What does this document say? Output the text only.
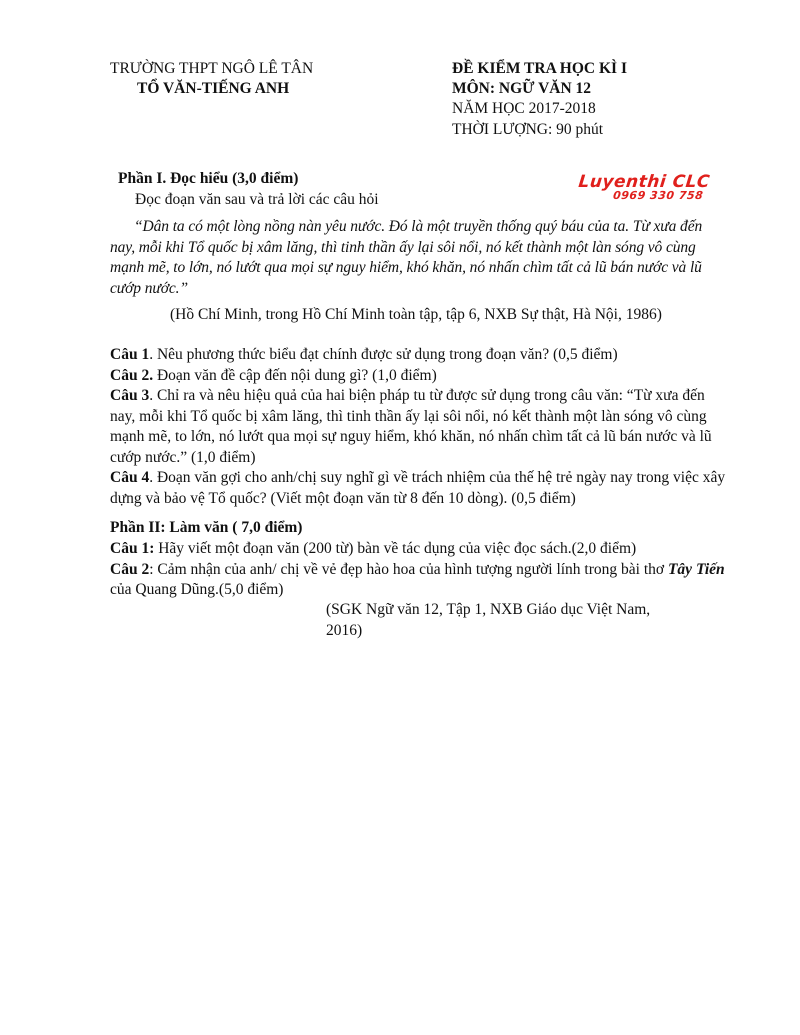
TRƯỜNG THPT NGÔ LÊ TÂN
TỔ VĂN-TIẾNG ANH
ĐỀ KIỂM TRA HỌC KÌ I
MÔN: NGỮ VĂN 12
NĂM HỌC 2017-2018
THỜI LƯỢNG: 90 phút
Luyenthi CLC
0969 330 758
Phần I. Đọc hiểu (3,0 điểm)
Đọc đoạn văn sau và trả lời các câu hỏi
“Dân ta có một lòng nồng nàn yêu nước. Đó là một truyền thống quý báu của ta. Từ xưa đến nay, mỗi khi Tổ quốc bị xâm lăng, thì tinh thần ấy lại sôi nổi, nó kết thành một làn sóng vô cùng mạnh mẽ, to lớn, nó lướt qua mọi sự nguy hiểm, khó khăn, nó nhấn chìm tất cả lũ bán nước và lũ cướp nước.”
(Hồ Chí Minh, trong Hồ Chí Minh toàn tập, tập 6, NXB Sự thật, Hà Nội, 1986)
Câu 1. Nêu phương thức biểu đạt chính được sử dụng trong đoạn văn? (0,5 điểm)
Câu 2. Đoạn văn đề cập đến nội dung gì? (1,0 điểm)
Câu 3. Chỉ ra và nêu hiệu quả của hai biện pháp tu từ được sử dụng trong câu văn: “Từ xưa đến nay, mỗi khi Tổ quốc bị xâm lăng, thì tinh thần ấy lại sôi nổi, nó kết thành một làn sóng vô cùng mạnh mẽ, to lớn, nó lướt qua mọi sự nguy hiểm, khó khăn, nó nhấn chìm tất cả lũ bán nước và lũ cướp nước.” (1,0 điểm)
Câu 4. Đoạn văn gợi cho anh/chị suy nghĩ gì về trách nhiệm của thế hệ trẻ ngày nay trong việc xây dựng và bảo vệ Tổ quốc? (Viết một đoạn văn từ 8 đến 10 dòng). (0,5 điểm)
Phần II: Làm văn ( 7,0 điểm)
Câu 1: Hãy viết một đoạn văn (200 từ) bàn về tác dụng của việc đọc sách.(2,0 điểm)
Câu 2: Cảm nhận của anh/ chị về vẻ đẹp hào hoa của hình tượng người lính trong bài thơ Tây Tiến của Quang Dũng.(5,0 điểm)
(SGK Ngữ văn 12, Tập 1, NXB Giáo dục Việt Nam,
2016)
